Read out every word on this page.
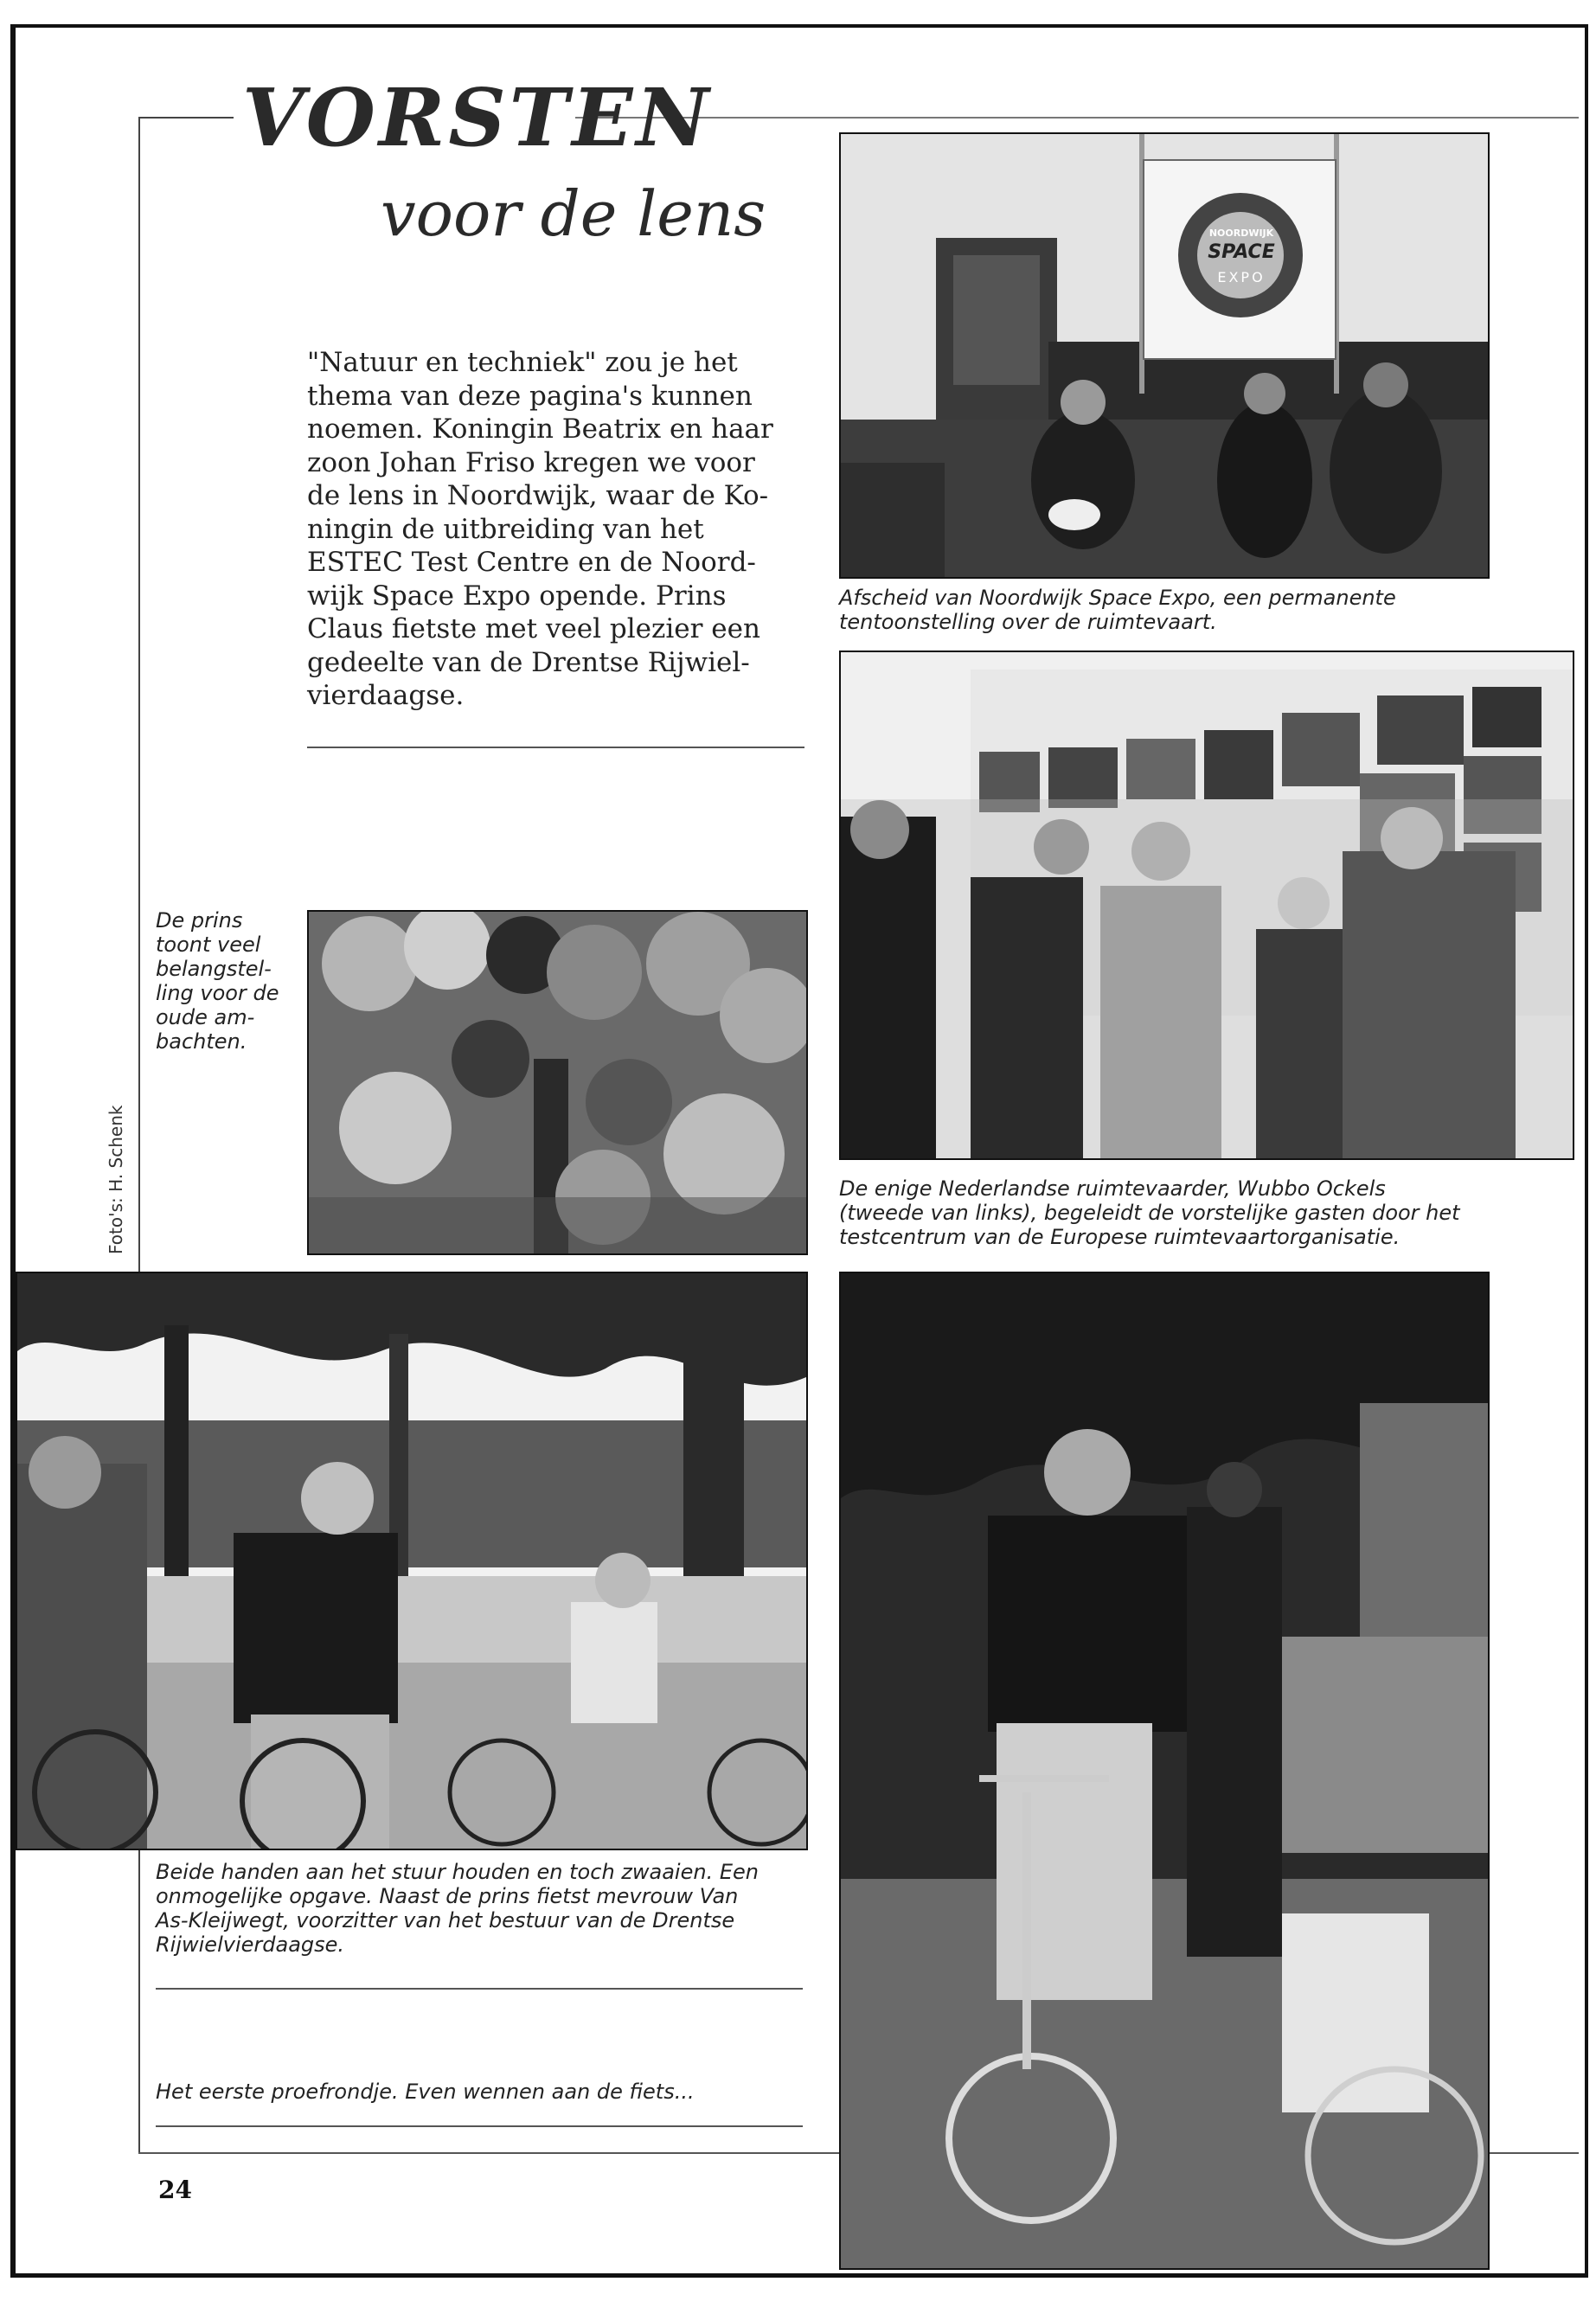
VORSTEN
voor de lens

"Natuur en techniek" zou je het
thema van deze pagina's kunnen
noemen. Koningin Beatrix en haar
zoon Johan Friso kregen we voor
de lens in Noordwijk, waar de Ko-
ningin de uitbreiding van het
ESTEC Test Centre en de Noord-
wijk Space Expo opende. Prins
Claus fietste met veel plezier een
gedeelte van de Drentse Rijwiel-
vierdaagse.

NOORDWIJK
SPACE
EXPO

Afscheid van Noordwijk Space Expo, een permanente
tentoonstelling over de ruimtevaart.

De enige Nederlandse ruimtevaarder, Wubbo Ockels
(tweede van links), begeleidt de vorstelijke gasten door het
testcentrum van de Europese ruimtevaartorganisatie.

De prins
toont veel
belangstel-
ling voor de
oude am-
bachten.

Foto's: H. Schenk

Beide handen aan het stuur houden en toch zwaaien. Een
onmogelijke opgave. Naast de prins fietst mevrouw Van
As-Kleijwegt, voorzitter van het bestuur van de Drentse
Rijwielvierdaagse.

Het eerste proefrondje. Even wennen aan de fiets...

24
